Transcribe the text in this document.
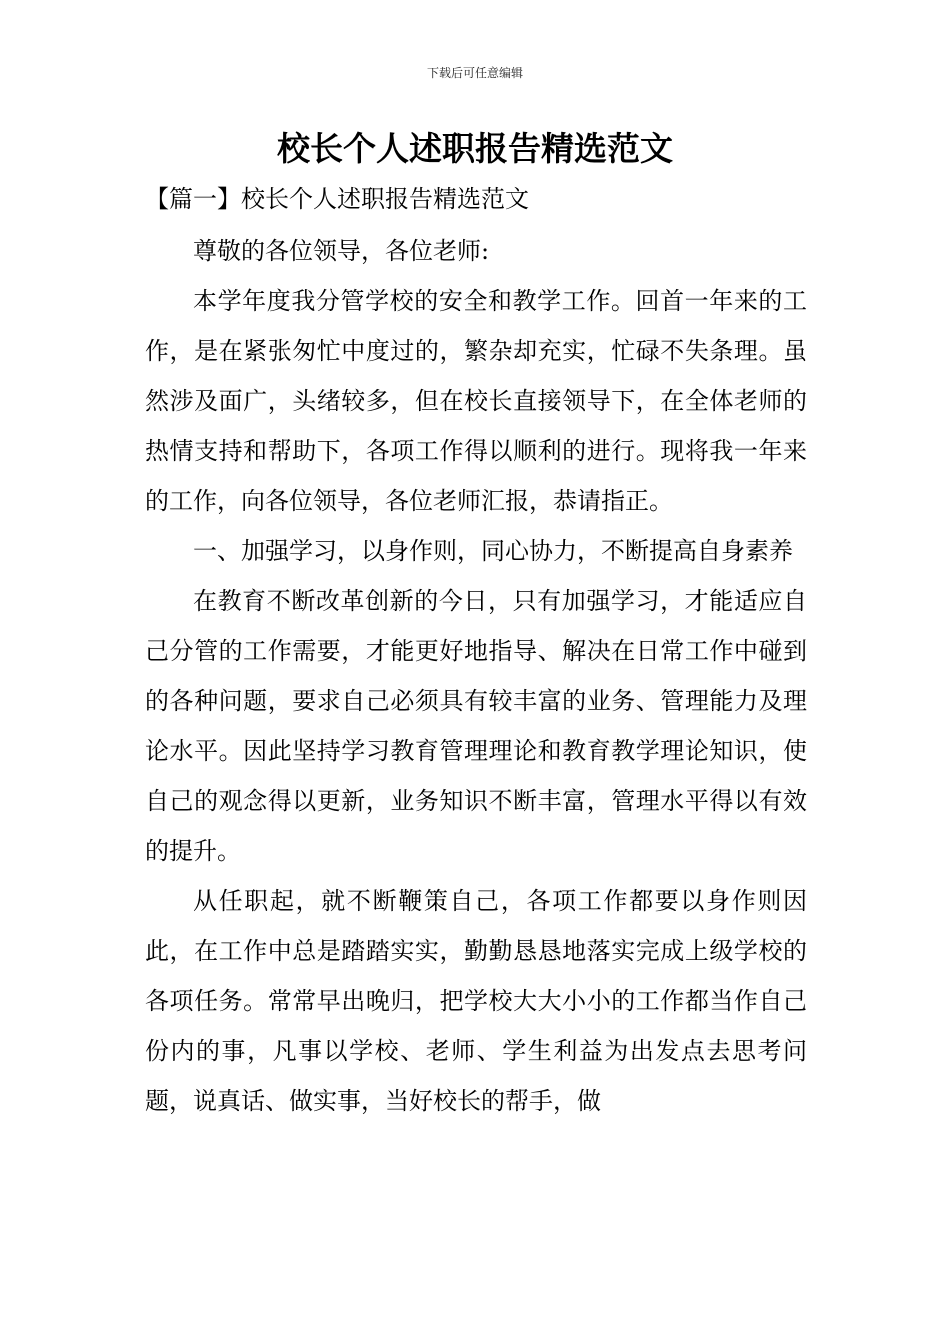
下载后可任意编辑
校长个人述职报告精选范文
【篇一】校长个人述职报告精选范文

尊敬的各位领导，各位老师:

本学年度我分管学校的安全和教学工作。回首一年来的工作，是在紧张匆忙中度过的，繁杂却充实，忙碌不失条理。虽然涉及面广，头绪较多，但在校长直接领导下，在全体老师的热情支持和帮助下，各项工作得以顺利的进行。现将我一年来的工作，向各位领导，各位老师汇报，恭请指正。

一、加强学习，以身作则，同心协力，不断提高自身素养

在教育不断改革创新的今日，只有加强学习，才能适应自己分管的工作需要，才能更好地指导、解决在日常工作中碰到的各种问题，要求自己必须具有较丰富的业务、管理能力及理论水平。因此坚持学习教育管理理论和教育教学理论知识，使自己的观念得以更新，业务知识不断丰富，管理水平得以有效的提升。

从任职起，就不断鞭策自己，各项工作都要以身作则因此，在工作中总是踏踏实实，勤勤恳恳地落实完成上级学校的各项任务。常常早出晚归，把学校大大小小的工作都当作自己份内的事，凡事以学校、老师、学生利益为出发点去思考问题，说真话、做实事，当好校长的帮手，做
